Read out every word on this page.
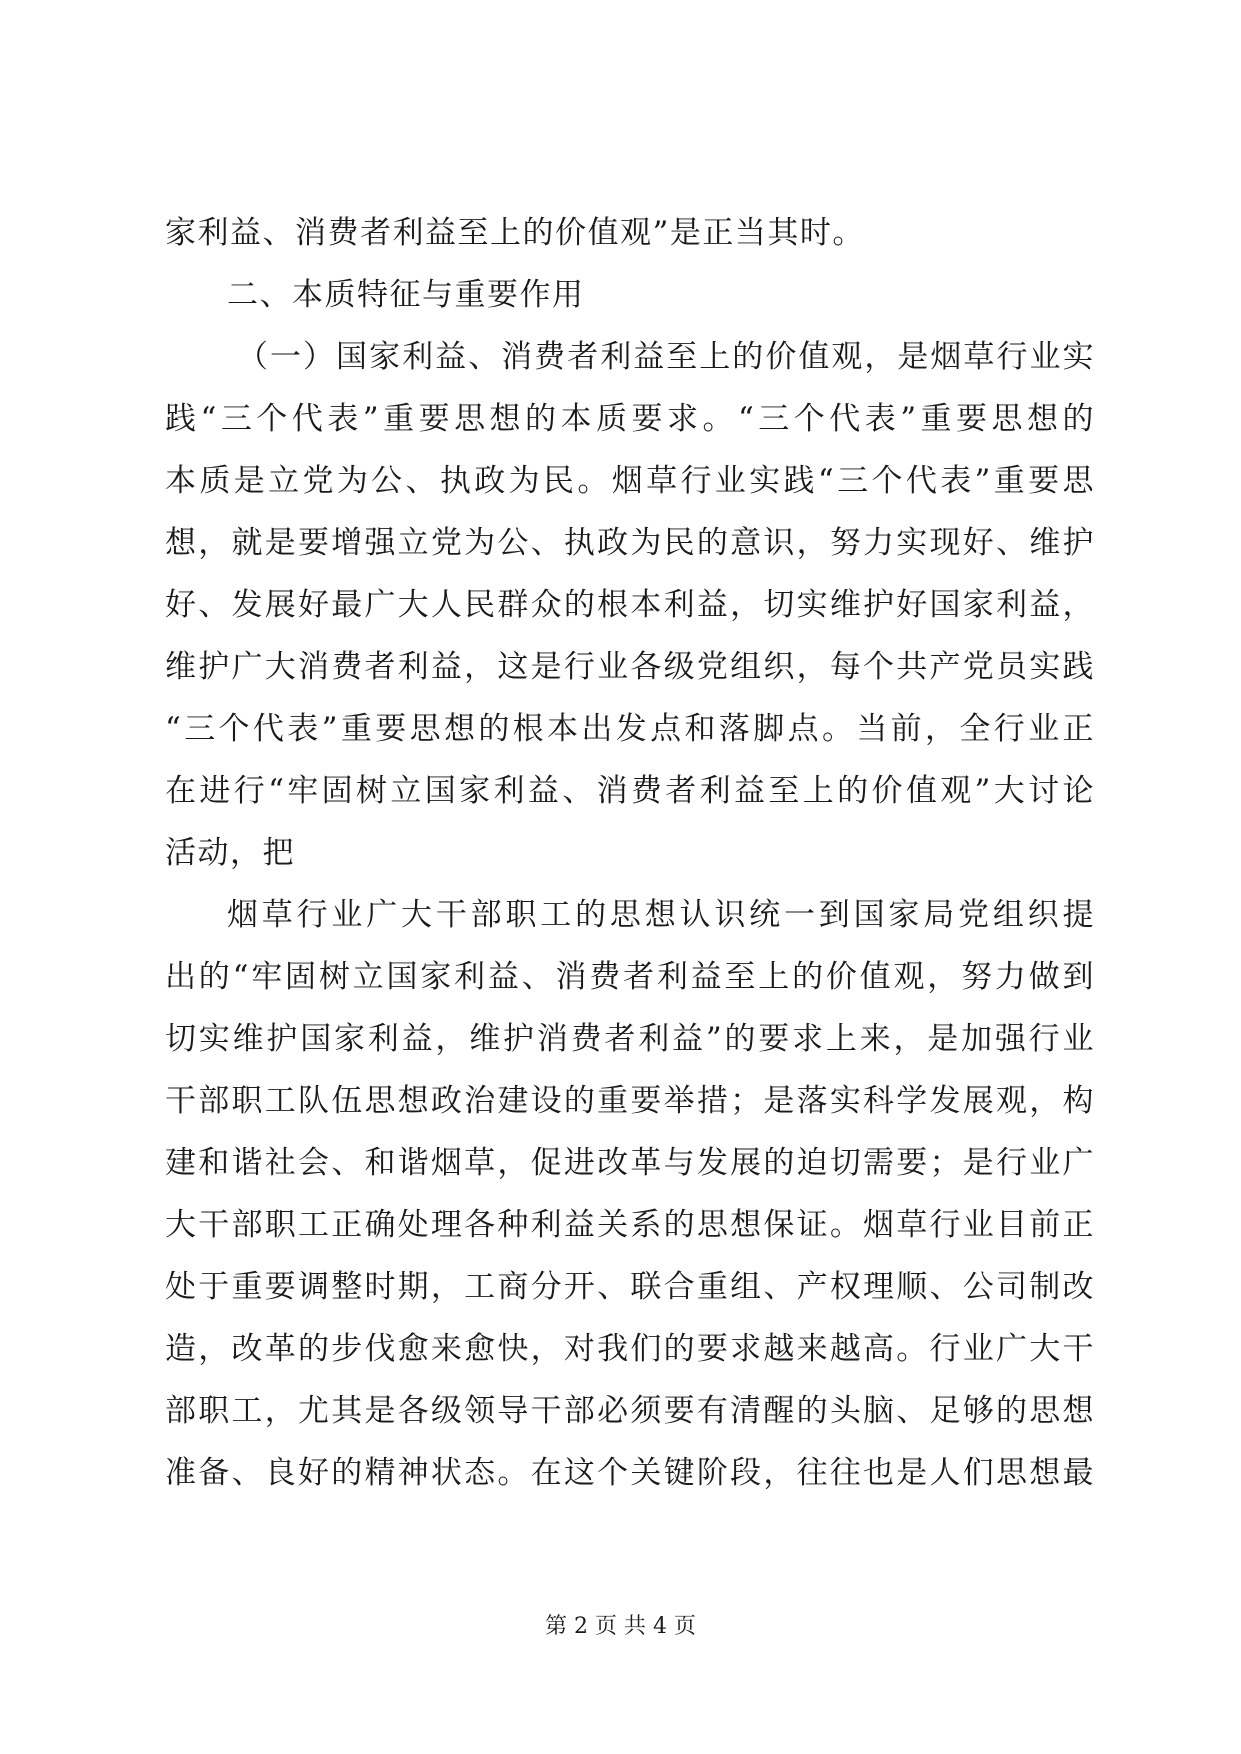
家利益、消费者利益至上的价值观”是正当其时。
二、本质特征与重要作用
（一）国家利益、消费者利益至上的价值观，是烟草行业实
践“三个代表”重要思想的本质要求。“三个代表”重要思想的
本质是立党为公、执政为民。烟草行业实践“三个代表”重要思
想，就是要增强立党为公、执政为民的意识，努力实现好、维护
好、发展好最广大人民群众的根本利益，切实维护好国家利益，
维护广大消费者利益，这是行业各级党组织，每个共产党员实践
“三个代表”重要思想的根本出发点和落脚点。当前，全行业正
在进行“牢固树立国家利益、消费者利益至上的价值观”大讨论
活动，把
烟草行业广大干部职工的思想认识统一到国家局党组织提
出的“牢固树立国家利益、消费者利益至上的价值观，努力做到
切实维护国家利益，维护消费者利益”的要求上来，是加强行业
干部职工队伍思想政治建设的重要举措；是落实科学发展观，构
建和谐社会、和谐烟草，促进改革与发展的迫切需要；是行业广
大干部职工正确处理各种利益关系的思想保证。烟草行业目前正
处于重要调整时期，工商分开、联合重组、产权理顺、公司制改
造，改革的步伐愈来愈快，对我们的要求越来越高。行业广大干
部职工，尤其是各级领导干部必须要有清醒的头脑、足够的思想
准备、良好的精神状态。在这个关键阶段，往往也是人们思想最
第 2 页 共 4 页
